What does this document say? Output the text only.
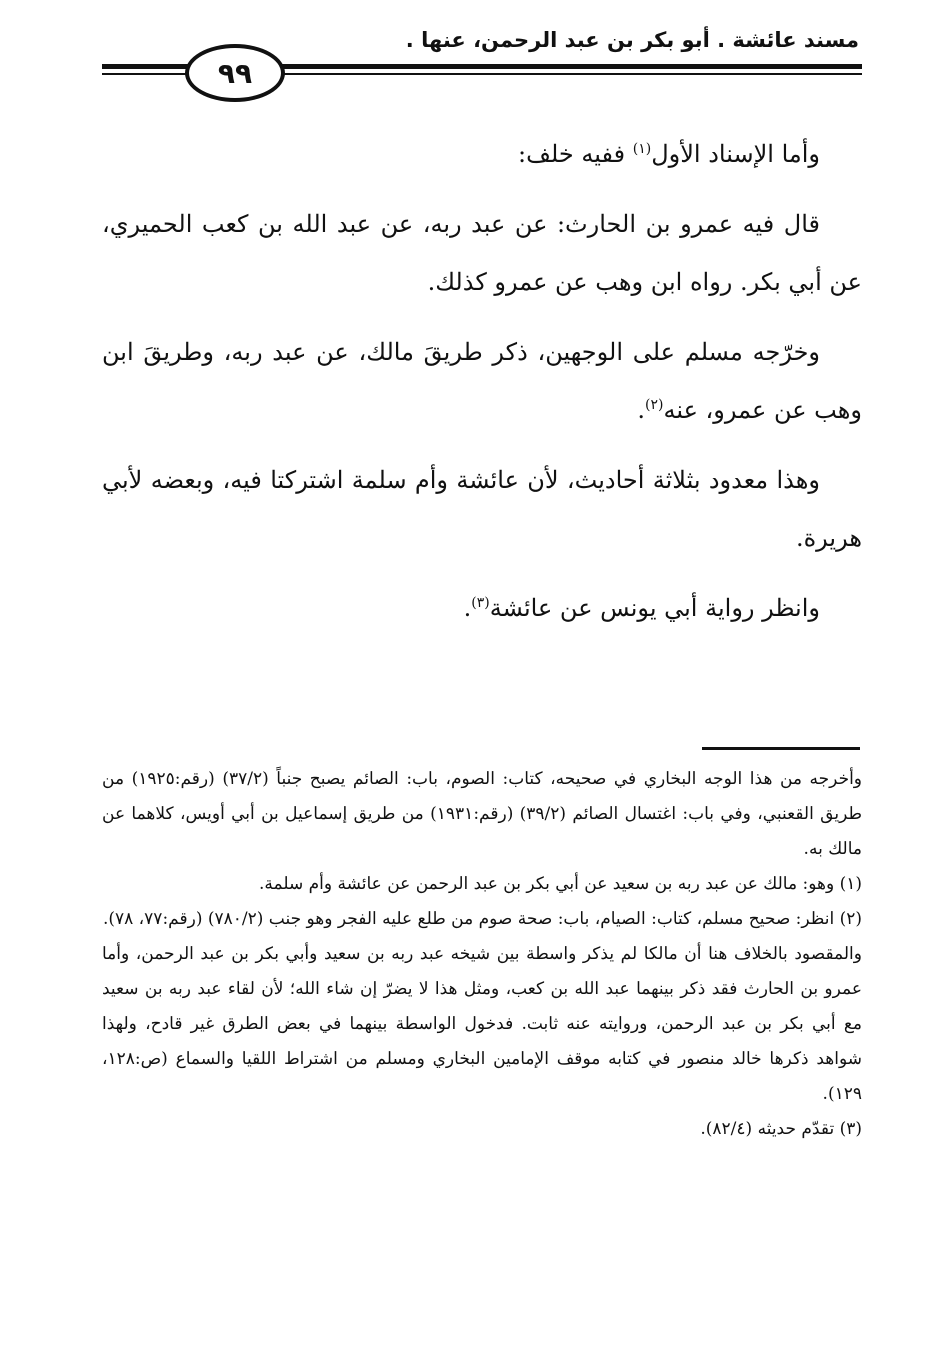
مسند عائشة . أبو بكر بن عبد الرحمن، عنها .
٩٩

وأما الإسناد الأول$^{(١)}$ ففيه خلف:

قال فيه عمرو بن الحارث: عن عبد ربه، عن عبد الله بن كعب الحميري، عن أبي بكر. رواه ابن وهب عن عمرو كذلك.

وخرّجه مسلم على الوجهين، ذكر طريقَ مالك، عن عبد ربه، وطريقَ ابن وهب عن عمرو، عنه$^{(٢)}$.

وهذا معدود بثلاثة أحاديث، لأن عائشة وأم سلمة اشتركتا فيه، وبعضه لأبي هريرة.

وانظر رواية أبي يونس عن عائشة$^{(٣)}$.

وأخرجه من هذا الوجه البخاري في صحيحه، كتاب: الصوم، باب: الصائم يصبح جنباً (٣٧/٢) (رقم:١٩٢٥) من طريق القعنبي، وفي باب: اغتسال الصائم (٣٩/٢) (رقم:١٩٣١) من طريق إسماعيل بن أبي أويس، كلاهما عن مالك به.

(١) وهو: مالك عن عبد ربه بن سعيد عن أبي بكر بن عبد الرحمن عن عائشة وأم سلمة.

(٢) انظر: صحيح مسلم، كتاب: الصيام، باب: صحة صوم من طلع عليه الفجر وهو جنب (٧٨٠/٢) (رقم:٧٧، ٧٨).

والمقصود بالخلاف هنا أن مالكا لم يذكر واسطة بين شيخه عبد ربه بن سعيد وأبي بكر بن عبد الرحمن، وأما عمرو بن الحارث فقد ذكر بينهما عبد الله بن كعب، ومثل هذا لا يضرّ إن شاء الله؛ لأن لقاء عبد ربه بن سعيد مع أبي بكر بن عبد الرحمن، وروايته عنه ثابت. فدخول الواسطة بينهما في بعض الطرق غير قادح، ولهذا شواهد ذكرها خالد منصور في كتابه موقف الإمامين البخاري ومسلم من اشتراط اللقيا والسماع (ص:١٢٨، ١٢٩).

(٣) تقدّم حديثه (٨٢/٤).
